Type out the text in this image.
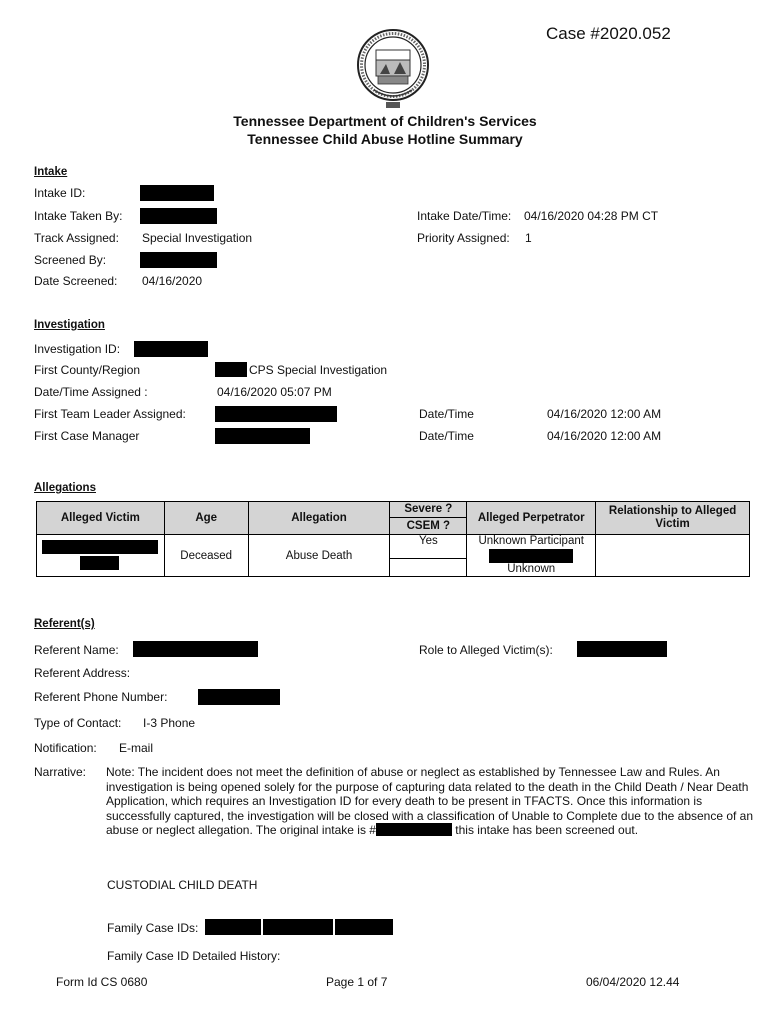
Case #2020.052
Tennessee Department of Children's Services
Tennessee Child Abuse Hotline Summary
Intake
Intake ID:
Intake Taken By:	Intake Date/Time: 04/16/2020 04:28 PM CT
Track Assigned: Special Investigation	Priority Assigned: 1
Screened By:
Date Screened: 04/16/2020
Investigation
Investigation ID:
First County/Region	CPS Special Investigation
Date/Time Assigned :	04/16/2020 05:07 PM
First Team Leader Assigned:	Date/Time	04/16/2020 12:00 AM
First Case Manager	Date/Time	04/16/2020 12:00 AM
Allegations
Alleged Victim	Age	Allegation	Severe ?	Alleged Perpetrator	Relationship to Alleged Victim
			CSEM ?		

	Deceased	Abuse Death	Yes	Unknown Participant
Unknown	

Referent(s)
Referent Name:	Role to Alleged Victim(s):
Referent Address:
Referent Phone Number:
Type of Contact: I-3 Phone
Notification: E-mail
Narrative: Note: The incident does not meet the definition of abuse or neglect as established by Tennessee Law and Rules. An investigation is being opened solely for the purpose of capturing data related to the death in the Child Death / Near Death Application, which requires an Investigation ID for every death to be present in TFACTS. Once this information is successfully captured, the investigation will be closed with a classification of Unable to Complete due to the absence of an abuse or neglect allegation. The original intake is #	this intake has been screened out.
CUSTODIAL CHILD DEATH
Family Case IDs:
Family Case ID Detailed History:
Form Id CS 0680	Page 1 of 7	06/04/2020 12.44
